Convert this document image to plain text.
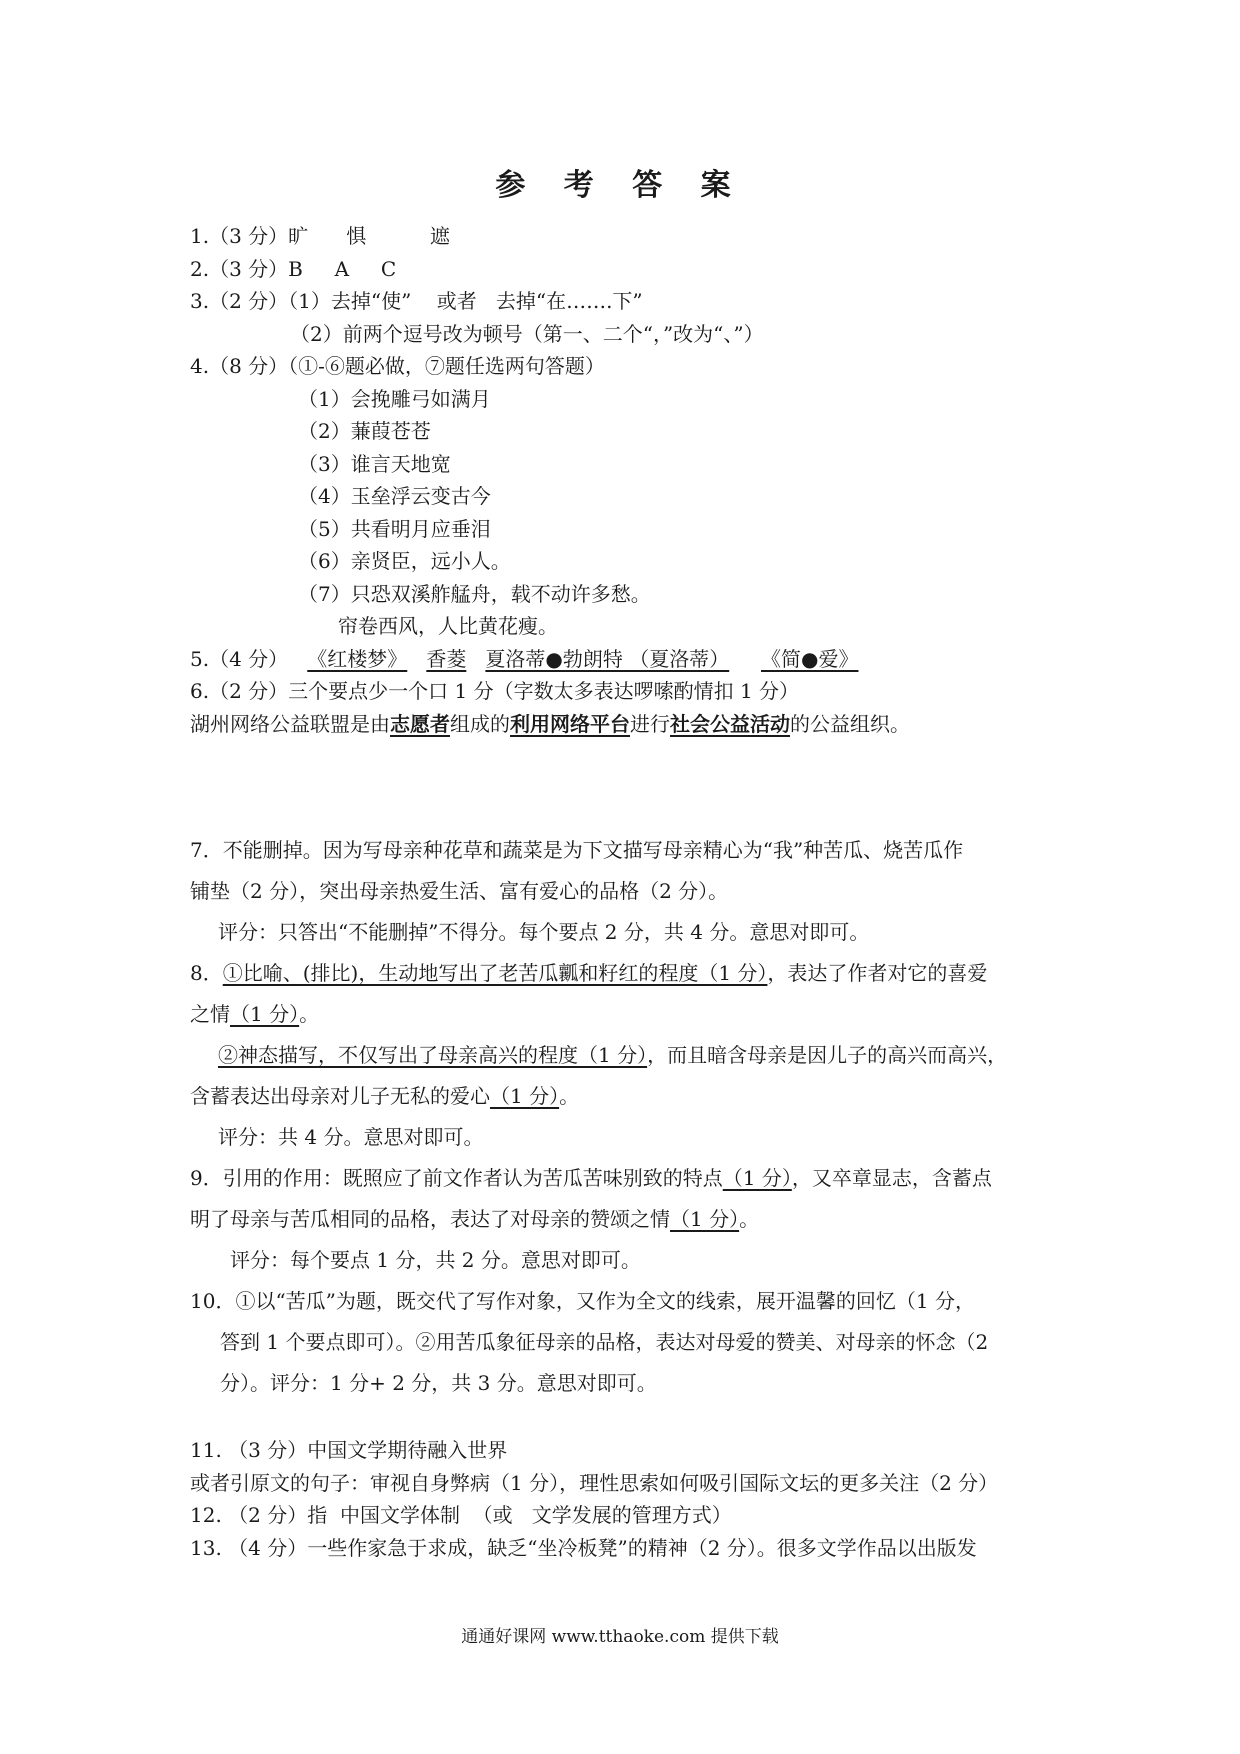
参 考 答 案
1.（3 分）旷      惧          遮
2.（3 分）B     A     C
3.（2 分）（1）去掉“使”    或者   去掉“在…….下”
（2）前两个逗号改为顿号（第一、二个“，”改为“、”）
4.（8 分）（①-⑥题必做，⑦题任选两句答题）
（1）会挽雕弓如满月
（2）蒹葭苍苍
（3）谁言天地宽
（4）玉垒浮云变古今
（5）共看明月应垂泪
（6）亲贤臣，远小人。
（7）只恐双溪舴艋舟，载不动许多愁。
帘卷西风，人比黄花瘦。
5.（4 分） 《红楼梦》 香菱 夏洛蒂●勃朗特 （夏洛蒂） 《简●爱》
6.（2 分）三个要点少一个口 1 分（字数太多表达啰嗦酌情扣 1 分）
湖州网络公益联盟是由志愿者组成的利用网络平台进行社会公益活动的公益组织。
7．不能删掉。因为写母亲种花草和蔬菜是为下文描写母亲精心为“我”种苦瓜、烧苦瓜作
铺垫（2 分），突出母亲热爱生活、富有爱心的品格（2 分）。
评分：只答出“不能删掉”不得分。每个要点 2 分，共 4 分。意思对即可。
8．①比喻、(排比)，生动地写出了老苦瓜瓤和籽红的程度（1 分），表达了作者对它的喜爱
之情（1 分）。
②神态描写，不仅写出了母亲高兴的程度（1 分），而且暗含母亲是因儿子的高兴而高兴，
含蓄表达出母亲对儿子无私的爱心（1 分）。
评分：共 4 分。意思对即可。
9．引用的作用：既照应了前文作者认为苦瓜苦味别致的特点（1 分），又卒章显志，含蓄点
明了母亲与苦瓜相同的品格，表达了对母亲的赞颂之情（1 分）。
评分：每个要点 1 分，共 2 分。意思对即可。
10．①以“苦瓜”为题，既交代了写作对象，又作为全文的线索，展开温馨的回忆（1 分，
答到 1 个要点即可）。②用苦瓜象征母亲的品格，表达对母爱的赞美、对母亲的怀念（2
分）。评分：1 分+ 2 分，共 3 分。意思对即可。
11. （3 分）中国文学期待融入世界
或者引原文的句子：审视自身弊病（1 分），理性思索如何吸引国际文坛的更多关注（2 分）
12. （2 分）指  中国文学体制  （或   文学发展的管理方式）
13. （4 分）一些作家急于求成，缺乏“坐冷板凳”的精神（2 分）。很多文学作品以出版发
通通好课网 www.tthaoke.com 提供下载
